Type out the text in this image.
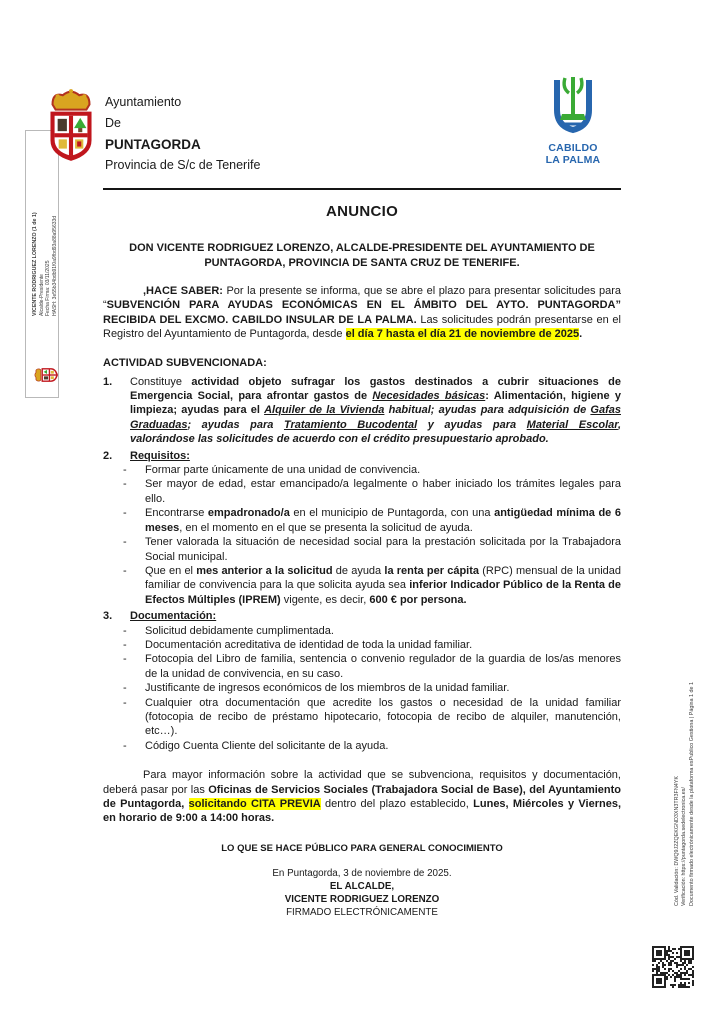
VICENTE RODRIGUEZ LORENZO (1 de 1) Alcalde-Presidente Fecha Firma: 03/11/2025 HASH: 3e55b34bdb91f0a9fbd93a88a95633d
Ayuntamiento
De
PUNTAGORDA
Provincia de S/c de Tenerife
CABILDO
LA PALMA
ANUNCIO
DON VICENTE RODRIGUEZ LORENZO, ALCALDE-PRESIDENTE DEL AYUNTAMIENTO DE PUNTAGORDA, PROVINCIA DE SANTA CRUZ DE TENERIFE.

,HACE SABER: Por la presente se informa, que se abre el plazo para presentar solicitudes para “SUBVENCIÓN PARA AYUDAS ECONÓMICAS EN EL ÁMBITO DEL AYTO. PUNTAGORDA” RECIBIDA DEL EXCMO. CABILDO INSULAR DE LA PALMA. Las solicitudes podrán presentarse en el Registro del Ayuntamiento de Puntagorda, desde el día 7 hasta el día 21 de noviembre de 2025.

ACTIVIDAD SUBVENCIONADA:
1.	Constituye actividad objeto sufragar los gastos destinados a cubrir situaciones de Emergencia Social, para afrontar gastos de Necesidades básicas: Alimentación, higiene y limpieza; ayudas para el Alquiler de la Vivienda habitual; ayudas para adquisición de Gafas Graduadas; ayudas para Tratamiento Bucodental y ayudas para Material Escolar, valorándose las solicitudes de acuerdo con el crédito presupuestario aprobado.
2.	Requisitos:
-	Formar parte únicamente de una unidad de convivencia.
-	Ser mayor de edad, estar emancipado/a legalmente o haber iniciado los trámites legales para ello.
-	Encontrarse empadronado/a en el municipio de Puntagorda, con una antigüedad mínima de 6 meses, en el momento en el que se presenta la solicitud de ayuda.
-	Tener valorada la situación de necesidad social para la prestación solicitada por la Trabajadora Social municipal.
-	Que en el mes anterior a la solicitud de ayuda la renta per cápita (RPC) mensual de la unidad familiar de convivencia para la que solicita ayuda sea inferior Indicador Público de la Renta de Efectos Múltiples (IPREM) vigente, es decir, 600 € por persona.
3.	Documentación:
-	Solicitud debidamente cumplimentada.
-	Documentación acreditativa de identidad de toda la unidad familiar.
-	Fotocopia del Libro de familia, sentencia o convenio regulador de la guardia de los/as menores de la unidad de convivencia, en su caso.
-	Justificante de ingresos económicos de los miembros de la unidad familiar.
-	Cualquier otra documentación que acredite los gastos o necesidad de la unidad familiar (fotocopia de recibo de préstamo hipotecario, fotocopia de recibo de alquiler, manutención, etc…).
-	Código Cuenta Cliente del solicitante de la ayuda.

Para mayor información sobre la actividad que se subvenciona, requisitos y documentación, deberá pasar por las Oficinas de Servicios Sociales (Trabajadora Social de Base), del Ayuntamiento de Puntagorda, solicitando CITA PREVIA dentro del plazo establecido, Lunes, Miércoles y Viernes, en horario de 9:00 a 14:00 horas.

LO QUE SE HACE PÚBLICO PARA GENERAL CONOCIMIENTO
En Puntagorda, 3 de noviembre de 2025.
EL ALCALDE,
VICENTE RODRIGUEZ LORENZO
FIRMADO ELECTRÓNICAMENTE
Cód. Validación: DWQ9J2ZQEKGND3XN3TR3FN4YK Verificación: https://puntagorda.sedelectronica.es/ Documento firmado electrónicamente desde la plataforma esPublico Gestiona | Página 1 de 1
